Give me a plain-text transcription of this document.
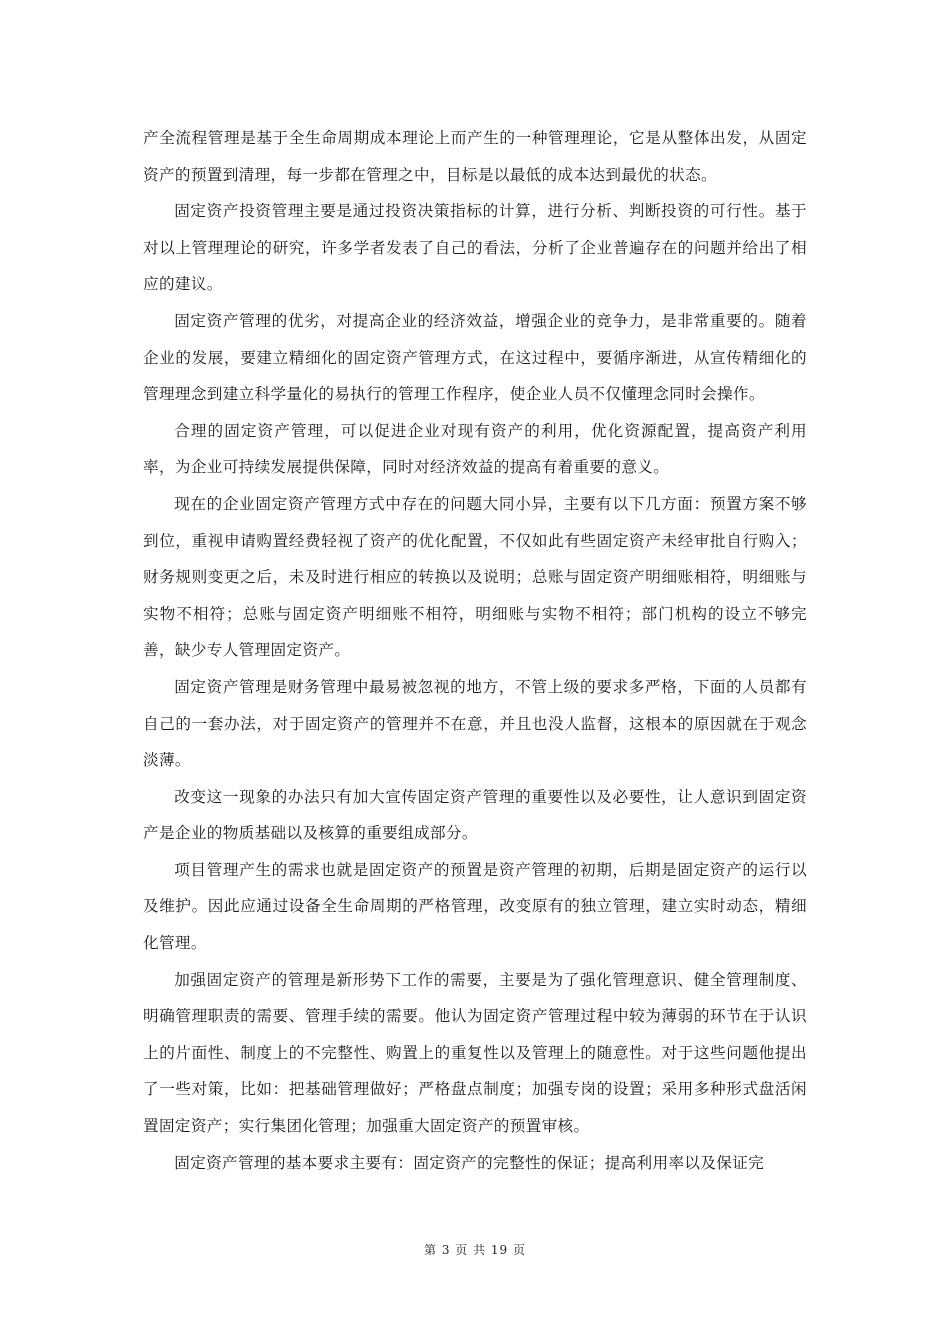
产全流程管理是基于全生命周期成本理论上而产生的一种管理理论，它是从整体出发，从固定资产的预置到清理，每一步都在管理之中，目标是以最低的成本达到最优的状态。

固定资产投资管理主要是通过投资决策指标的计算，进行分析、判断投资的可行性。基于对以上管理理论的研究，许多学者发表了自己的看法，分析了企业普遍存在的问题并给出了相应的建议。

固定资产管理的优劣，对提高企业的经济效益，增强企业的竞争力，是非常重要的。随着企业的发展，要建立精细化的固定资产管理方式，在这过程中，要循序渐进，从宣传精细化的管理理念到建立科学量化的易执行的管理工作程序，使企业人员不仅懂理念同时会操作。

合理的固定资产管理，可以促进企业对现有资产的利用，优化资源配置，提高资产利用率，为企业可持续发展提供保障，同时对经济效益的提高有着重要的意义。

现在的企业固定资产管理方式中存在的问题大同小异，主要有以下几方面：预置方案不够到位，重视申请购置经费轻视了资产的优化配置，不仅如此有些固定资产未经审批自行购入；财务规则变更之后，未及时进行相应的转换以及说明；总账与固定资产明细账相符，明细账与实物不相符；总账与固定资产明细账不相符，明细账与实物不相符；部门机构的设立不够完善，缺少专人管理固定资产。

固定资产管理是财务管理中最易被忽视的地方，不管上级的要求多严格，下面的人员都有自己的一套办法，对于固定资产的管理并不在意，并且也没人监督，这根本的原因就在于观念淡薄。

改变这一现象的办法只有加大宣传固定资产管理的重要性以及必要性，让人意识到固定资产是企业的物质基础以及核算的重要组成部分。

项目管理产生的需求也就是固定资产的预置是资产管理的初期，后期是固定资产的运行以及维护。因此应通过设备全生命周期的严格管理，改变原有的独立管理，建立实时动态，精细化管理。

加强固定资产的管理是新形势下工作的需要，主要是为了强化管理意识、健全管理制度、明确管理职责的需要、管理手续的需要。他认为固定资产管理过程中较为薄弱的环节在于认识上的片面性、制度上的不完整性、购置上的重复性以及管理上的随意性。对于这些问题他提出了一些对策，比如：把基础管理做好；严格盘点制度；加强专岗的设置；采用多种形式盘活闲置固定资产；实行集团化管理；加强重大固定资产的预置审核。

固定资产管理的基本要求主要有：固定资产的完整性的保证；提高利用率以及保证完

第 3 页 共 19 页
